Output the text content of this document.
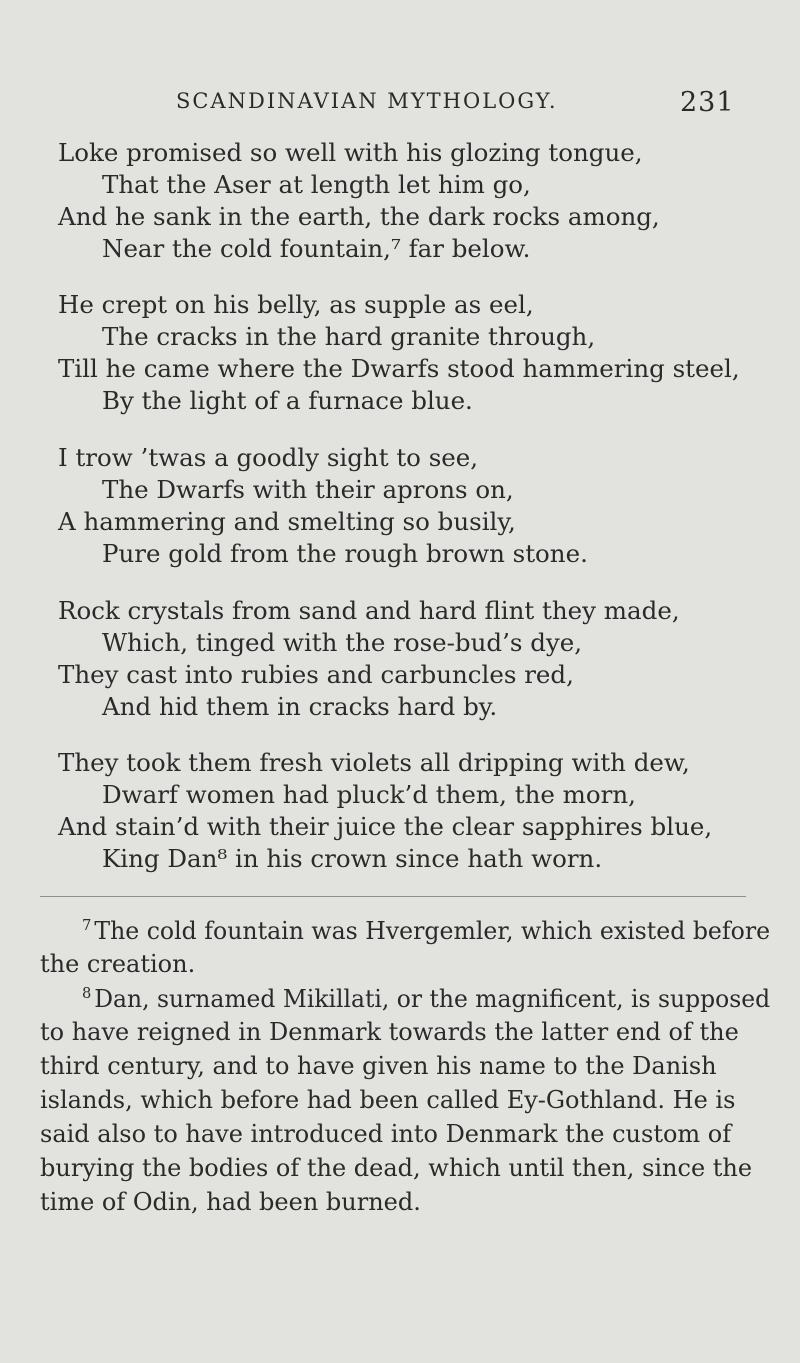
SCANDINAVIAN MYTHOLOGY.	231
Loke promised so well with his glozing tongue,
That the Aser at length let him go,
And he sank in the earth, the dark rocks among,
Near the cold fountain,⁷ far below.
He crept on his belly, as supple as eel,
The cracks in the hard granite through,
Till he came where the Dwarfs stood hammering steel,
By the light of a furnace blue.
I trow ’twas a goodly sight to see,
The Dwarfs with their aprons on,
A hammering and smelting so busily,
Pure gold from the rough brown stone.
Rock crystals from sand and hard flint they made,
Which, tinged with the rose-bud’s dye,
They cast into rubies and carbuncles red,
And hid them in cracks hard by.
They took them fresh violets all dripping with dew,
Dwarf women had pluck’d them, the morn,
And stain’d with their juice the clear sapphires blue,
King Dan⁸ in his crown since hath worn.
$^7$ The cold fountain was Hvergemler, which existed before
the creation.
$^8$ Dan, surnamed Mikillati, or the magnificent, is supposed
to have reigned in Denmark towards the latter end of the
third century, and to have given his name to the Danish
islands, which before had been called Ey-Gothland. He is
said also to have introduced into Denmark the custom of
burying the bodies of the dead, which until then, since the
time of Odin, had been burned.
